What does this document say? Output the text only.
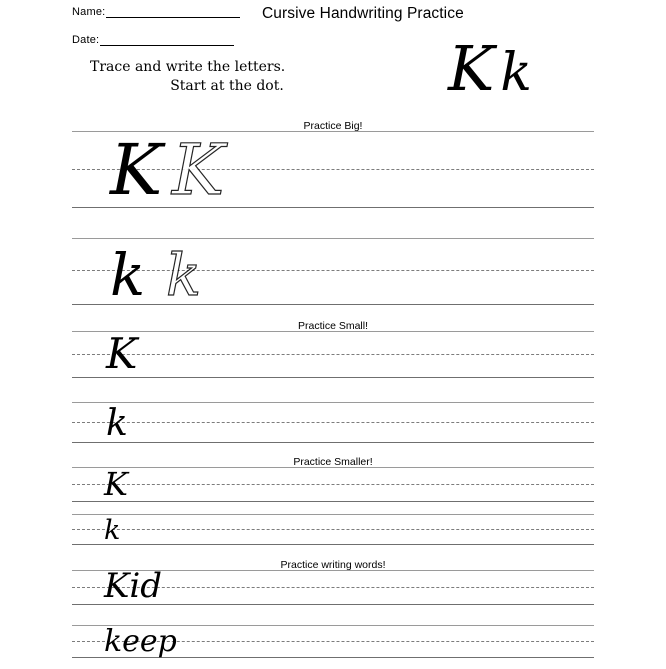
Name:
Date:
Cursive Handwriting Practice
Trace and write the letters.
Start at the dot.	Kk
Practice Big!
K K
k k
Practice Small!
K
k
Practice Smaller!
K
k
Practice writing words!
Kid
keep
